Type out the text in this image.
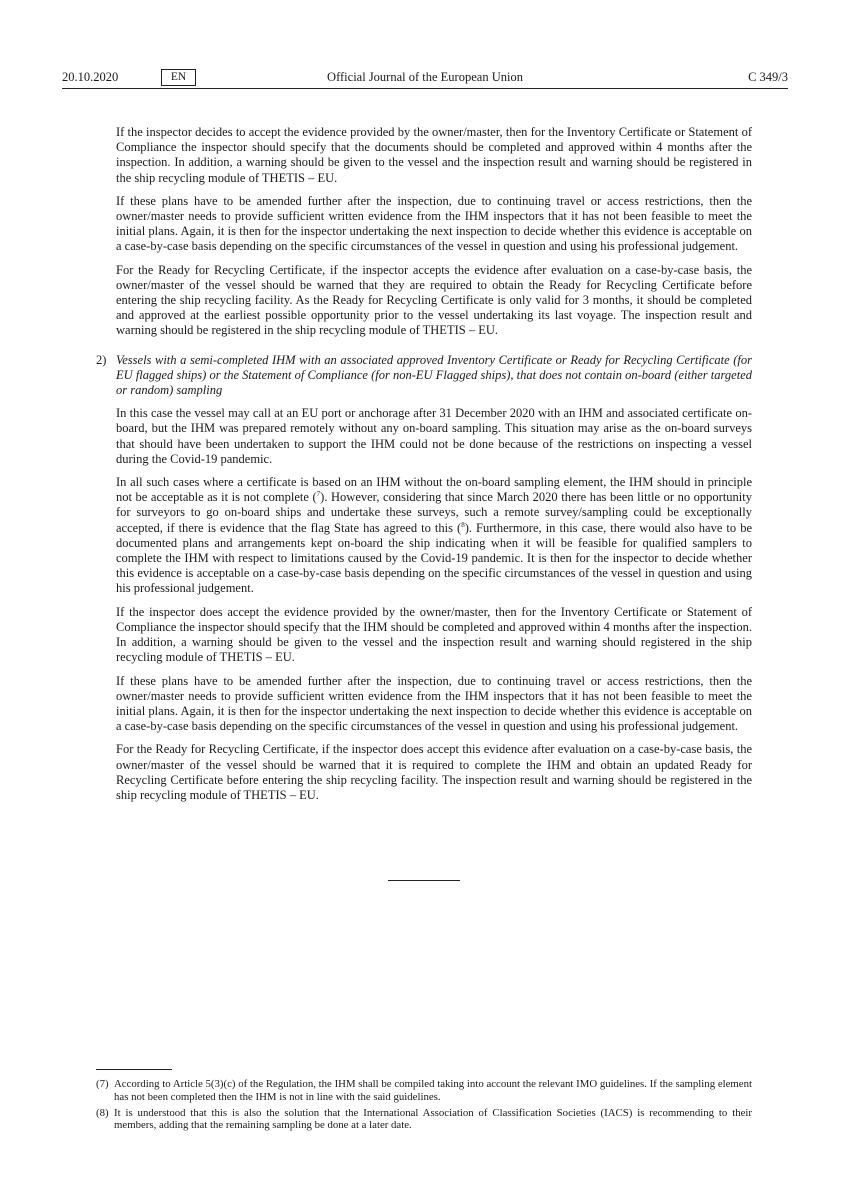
20.10.2020	Official Journal of the European Union
EN	C 349/3

If the inspector decides to accept the evidence provided by the owner/master, then for the Inventory Certificate or Statement of Compliance the inspector should specify that the documents should be completed and approved within 4 months after the inspection. In addition, a warning should be given to the vessel and the inspection result and warning should be registered in the ship recycling module of THETIS – EU.

If these plans have to be amended further after the inspection, due to continuing travel or access restrictions, then the owner/master needs to provide sufficient written evidence from the IHM inspectors that it has not been feasible to meet the initial plans. Again, it is then for the inspector undertaking the next inspection to decide whether this evidence is acceptable on a case-by-case basis depending on the specific circumstances of the vessel in question and using his professional judgement.

For the Ready for Recycling Certificate, if the inspector accepts the evidence after evaluation on a case-by-case basis, the owner/master of the vessel should be warned that they are required to obtain the Ready for Recycling Certificate before entering the ship recycling facility. As the Ready for Recycling Certificate is only valid for 3 months, it should be completed and approved at the earliest possible opportunity prior to the vessel undertaking its last voyage. The inspection result and warning should be registered in the ship recycling module of THETIS – EU.

2) Vessels with a semi-completed IHM with an associated approved Inventory Certificate or Ready for Recycling Certificate (for EU flagged ships) or the Statement of Compliance (for non-EU Flagged ships), that does not contain on-board (either targeted or random) sampling

In this case the vessel may call at an EU port or anchorage after 31 December 2020 with an IHM and associated certificate on-board, but the IHM was prepared remotely without any on-board sampling. This situation may arise as the on-board surveys that should have been undertaken to support the IHM could not be done because of the restrictions on inspecting a vessel during the Covid-19 pandemic.

In all such cases where a certificate is based on an IHM without the on-board sampling element, the IHM should in principle not be acceptable as it is not complete ($^7$). However, considering that since March 2020 there has been little or no opportunity for surveyors to go on-board ships and undertake these surveys, such a remote survey/sampling could be exceptionally accepted, if there is evidence that the flag State has agreed to this ($^8$). Furthermore, in this case, there would also have to be documented plans and arrangements kept on-board the ship indicating when it will be feasible for qualified samplers to complete the IHM with respect to limitations caused by the Covid-19 pandemic. It is then for the inspector to decide whether this evidence is acceptable on a case-by-case basis depending on the specific circumstances of the vessel in question and using his professional judgement.

If the inspector does accept the evidence provided by the owner/master, then for the Inventory Certificate or Statement of Compliance the inspector should specify that the IHM should be completed and approved within 4 months after the inspection. In addition, a warning should be given to the vessel and the inspection result and warning should registered in the ship recycling module of THETIS – EU.

If these plans have to be amended further after the inspection, due to continuing travel or access restrictions, then the owner/master needs to provide sufficient written evidence from the IHM inspectors that it has not been feasible to meet the initial plans. Again, it is then for the inspector undertaking the next inspection to decide whether this evidence is acceptable on a case-by-case basis depending on the specific circumstances of the vessel in question and using his professional judgement.

For the Ready for Recycling Certificate, if the inspector does accept this evidence after evaluation on a case-by-case basis, the owner/master of the vessel should be warned that it is required to complete the IHM and obtain an updated Ready for Recycling Certificate before entering the ship recycling facility. The inspection result and warning should be registered in the ship recycling module of THETIS – EU.

(7) According to Article 5(3)(c) of the Regulation, the IHM shall be compiled taking into account the relevant IMO guidelines. If the sampling element has not been completed then the IHM is not in line with the said guidelines.
(8) It is understood that this is also the solution that the International Association of Classification Societies (IACS) is recommending to their members, adding that the remaining sampling be done at a later date.
